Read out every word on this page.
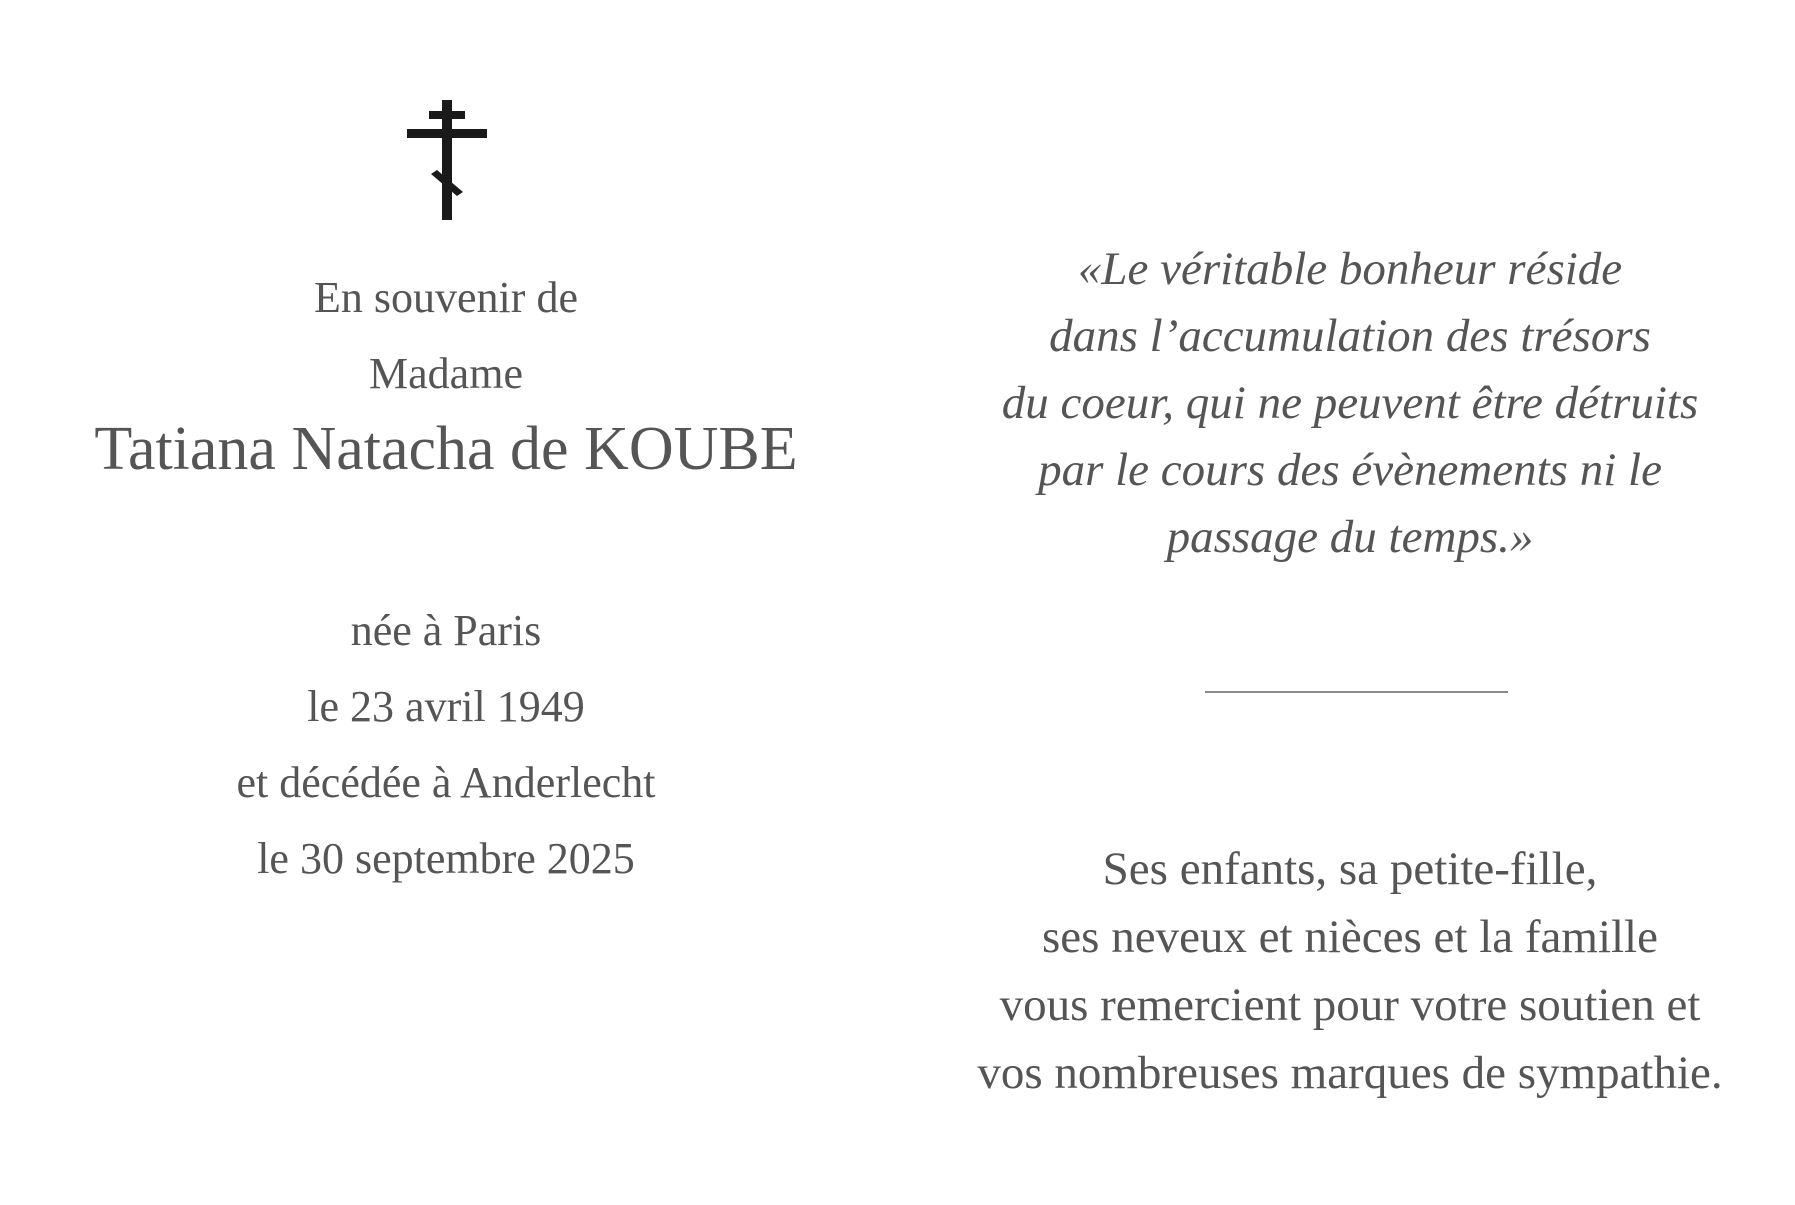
En souvenir de
Madame
Tatiana Natacha de KOUBE
née à Paris
le 23 avril 1949
et décédée à Anderlecht
le 30 septembre 2025
«Le véritable bonheur réside
dans l’accumulation des trésors
du coeur, qui ne peuvent être détruits
par le cours des évènements ni le
passage du temps.»
Ses enfants, sa petite-fille,
ses neveux et nièces et la famille
vous remercient pour votre soutien et
vos nombreuses marques de sympathie.
